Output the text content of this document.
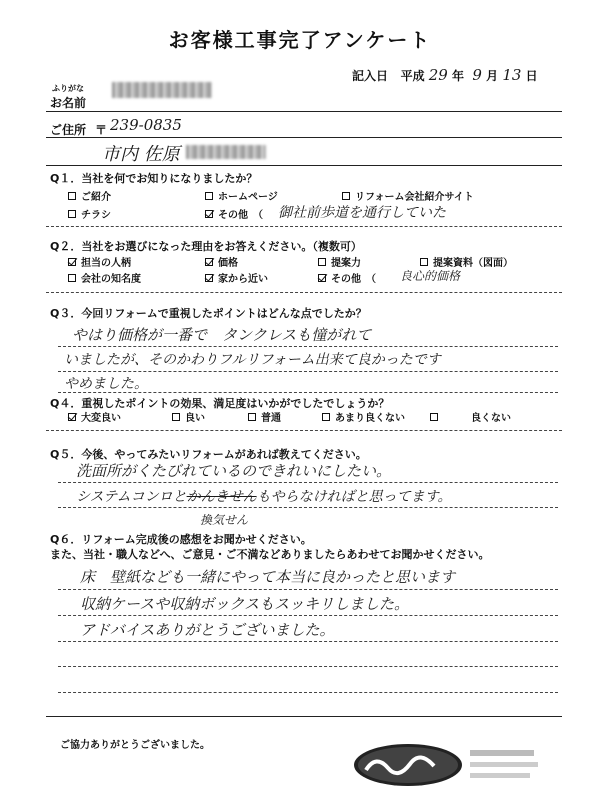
お客様工事完了アンケート
記入日 平成 29 年 9 月 13 日
ふりがな
お名前
ご住所 〒 239-0835
市内 佐原
Q１．当社を何でお知りになりましたか？
ご紹介	ホームページ	リフォーム会社紹介サイト
チラシ	その他 （ 御社前歩道を通行していた
Q２．当社をお選びになった理由をお答えください。（複数可）
担当の人柄	価格	提案力	提案資料（図面）
会社の知名度	家から近い	その他 （ 良心的価格
Q３．今回リフォームで重視したポイントはどんな点でしたか？
やはり価格が一番で　タンクレスも憧がれて
いましたが、そのかわりフルリフォーム出来て良かったです
やめました。
Q４．重視したポイントの効果、満足度はいかがでしたでしょうか？
大変良い	良い	普通	あまり良くない	良くない
Q５．今後、やってみたいリフォームがあれば教えてください。
洗面所がくたびれているのできれいにしたい。
システムコンロとかんきせんもやらなければと思ってます。
換気せん
Q６．リフォーム完成後の感想をお聞かせください。
また、当社・職人などへ、ご意見・ご不満などありましたらあわせてお聞かせください。
床　壁紙なども一緒にやって本当に良かったと思います
収納ケースや収納ボックスもスッキリしました。
アドバイスありがとうございました。
ご協力ありがとうございました。
